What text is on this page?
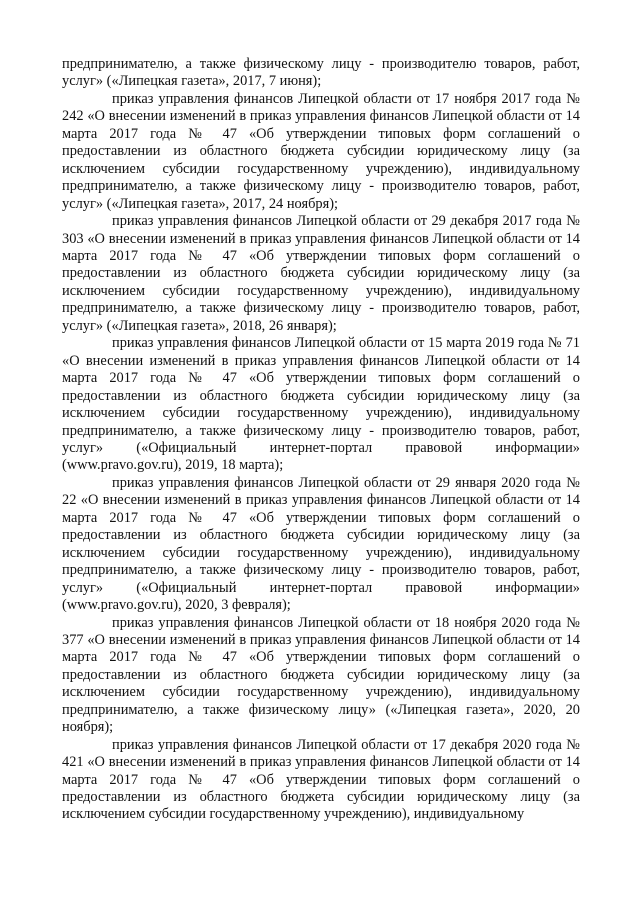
предпринимателю, а также физическому лицу - производителю товаров, работ, услуг» («Липецкая газета», 2017, 7 июня);

приказ управления финансов Липецкой области от 17 ноября 2017 года № 242 «О внесении изменений в приказ управления финансов Липецкой области от 14 марта 2017 года № 47 «Об утверждении типовых форм соглашений о предоставлении из областного бюджета субсидии юридическому лицу (за исключением субсидии государственному учреждению), индивидуальному предпринимателю, а также физическому лицу - производителю товаров, работ, услуг» («Липецкая газета», 2017, 24 ноября);

приказ управления финансов Липецкой области от 29 декабря 2017 года № 303 «О внесении изменений в приказ управления финансов Липецкой области от 14 марта 2017 года № 47 «Об утверждении типовых форм соглашений о предоставлении из областного бюджета субсидии юридическому лицу (за исключением субсидии государственному учреждению), индивидуальному предпринимателю, а также физическому лицу - производителю товаров, работ, услуг» («Липецкая газета», 2018, 26 января);

приказ управления финансов Липецкой области от 15 марта 2019 года № 71 «О внесении изменений в приказ управления финансов Липецкой области от 14 марта 2017 года № 47 «Об утверждении типовых форм соглашений о предоставлении из областного бюджета субсидии юридическому лицу (за исключением субсидии государственному учреждению), индивидуальному предпринимателю, а также физическому лицу - производителю товаров, работ, услуг» («Официальный интернет-портал правовой информации» (www.pravo.gov.ru), 2019, 18 марта);

приказ управления финансов Липецкой области от 29 января 2020 года № 22 «О внесении изменений в приказ управления финансов Липецкой области от 14 марта 2017 года № 47 «Об утверждении типовых форм соглашений о предоставлении из областного бюджета субсидии юридическому лицу (за исключением субсидии государственному учреждению), индивидуальному предпринимателю, а также физическому лицу - производителю товаров, работ, услуг» («Официальный интернет-портал правовой информации» (www.pravo.gov.ru), 2020, 3 февраля);

приказ управления финансов Липецкой области от 18 ноября 2020 года № 377 «О внесении изменений в приказ управления финансов Липецкой области от 14 марта 2017 года № 47 «Об утверждении типовых форм соглашений о предоставлении из областного бюджета субсидии юридическому лицу (за исключением субсидии государственному учреждению), индивидуальному предпринимателю, а также физическому лицу» («Липецкая газета», 2020, 20 ноября);

приказ управления финансов Липецкой области от 17 декабря 2020 года № 421 «О внесении изменений в приказ управления финансов Липецкой области от 14 марта 2017 года № 47 «Об утверждении типовых форм соглашений о предоставлении из областного бюджета субсидии юридическому лицу (за исключением субсидии государственному учреждению), индивидуальному
